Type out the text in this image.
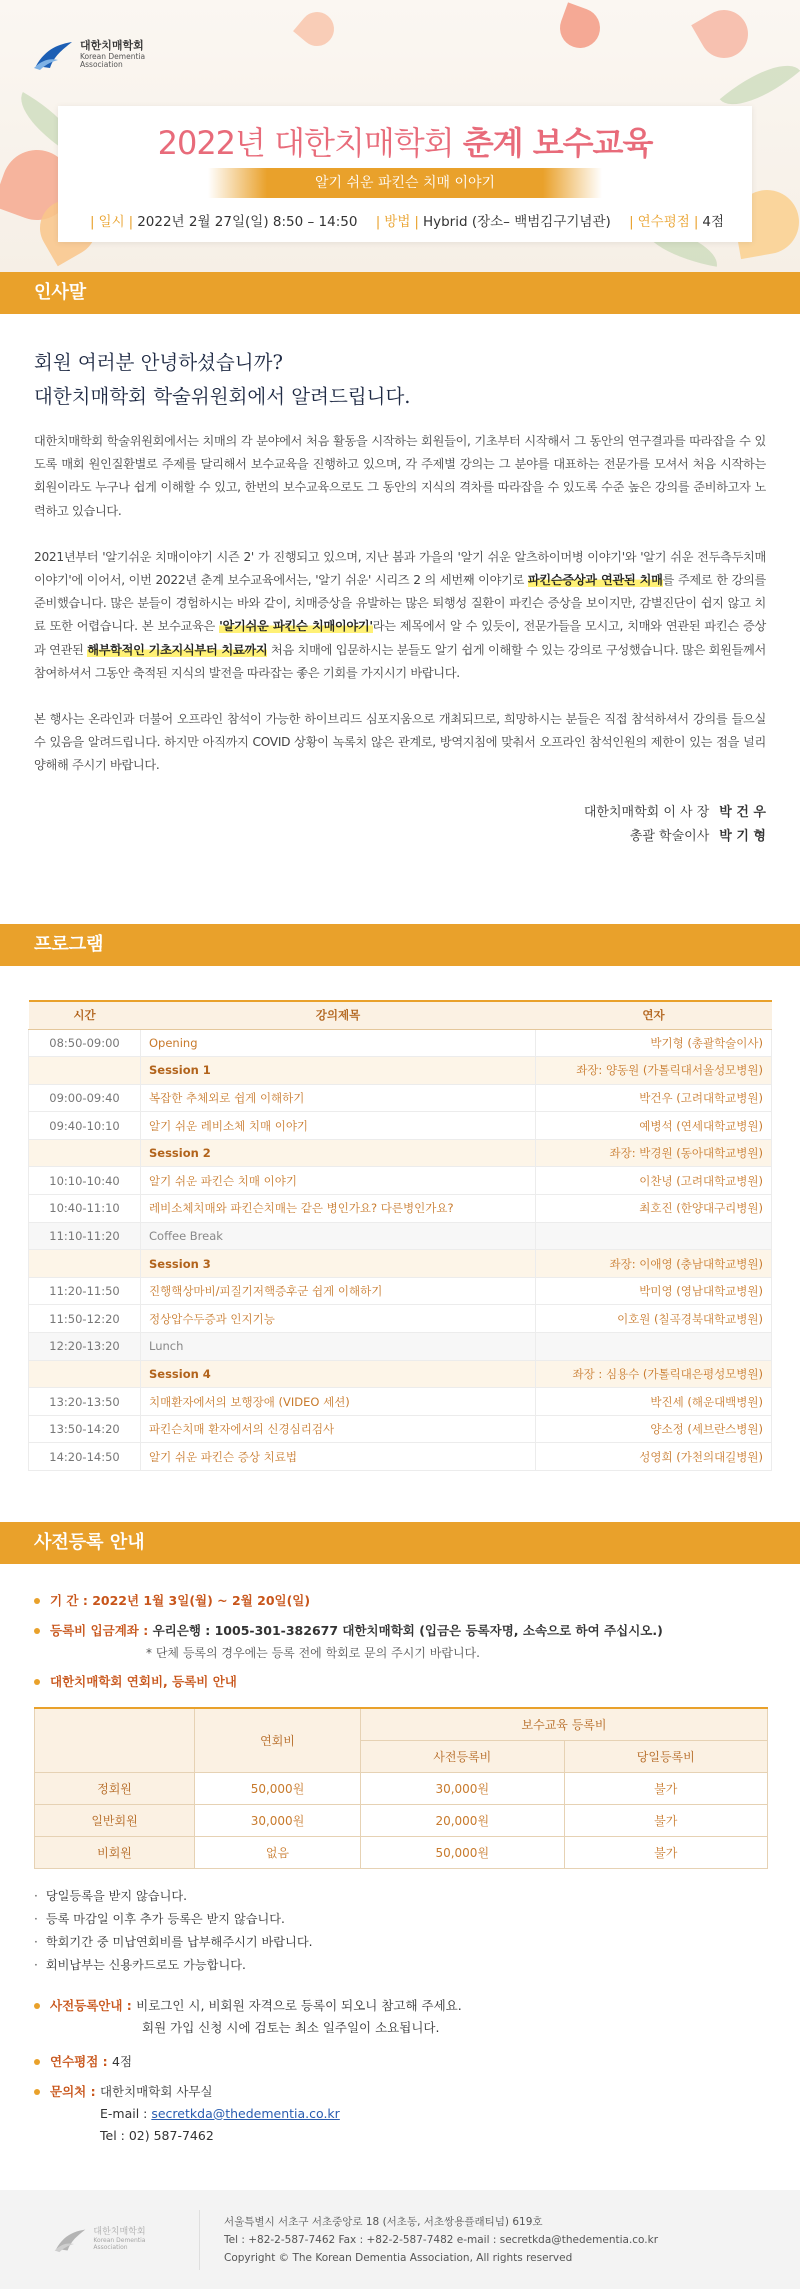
대한치매학회
Korean Dementia
Association
2022년 대한치매학회 춘계 보수교육
알기 쉬운 파킨슨 치매 이야기
| 일시 | 2022년 2월 27일(일) 8:50 – 14:50 | 방법 | Hybrid (장소– 백범김구기념관) | 연수평점 | 4점
인사말
회원 여러분 안녕하셨습니까?
대한치매학회 학술위원회에서 알려드립니다.

대한치매학회 학술위원회에서는 치매의 각 분야에서 처음 활동을 시작하는 회원들이, 기초부터 시작해서 그 동안의 연구결과를 따라잡을 수 있도록 매회 원인질환별로 주제를 달리해서 보수교육을 진행하고 있으며, 각 주제별 강의는 그 분야를 대표하는 전문가를 모셔서 처음 시작하는 회원이라도 누구나 쉽게 이해할 수 있고, 한번의 보수교육으로도 그 동안의 지식의 격차를 따라잡을 수 있도록 수준 높은 강의를 준비하고자 노력하고 있습니다.

2021년부터 '알기쉬운 치매이야기 시즌 2' 가 진행되고 있으며, 지난 봄과 가을의 '알기 쉬운 알츠하이머병 이야기'와 '알기 쉬운 전두측두치매 이야기'에 이어서, 이번 2022년 춘계 보수교육에서는, '알기 쉬운' 시리즈 2 의 세번째 이야기로 파킨슨증상과 연관된 치매를 주제로 한 강의를 준비했습니다. 많은 분들이 경험하시는 바와 같이, 치매증상을 유발하는 많은 퇴행성 질환이 파킨슨 증상을 보이지만, 감별진단이 쉽지 않고 치료 또한 어렵습니다. 본 보수교육은 '알기쉬운 파킨슨 치매이야기'라는 제목에서 알 수 있듯이, 전문가들을 모시고, 치매와 연관된 파킨슨 증상과 연관된 해부학적인 기초지식부터 치료까지 처음 치매에 입문하시는 분들도 알기 쉽게 이해할 수 있는 강의로 구성했습니다. 많은 회원들께서 참여하셔서 그동안 축적된 지식의 발전을 따라잡는 좋은 기회를 가지시기 바랍니다.

본 행사는 온라인과 더불어 오프라인 참석이 가능한 하이브리드 심포지움으로 개최되므로, 희망하시는 분들은 직접 참석하셔서 강의를 들으실 수 있음을 알려드립니다. 하지만 아직까지 COVID 상황이 녹록치 않은 관계로, 방역지침에 맞춰서 오프라인 참석인원의 제한이 있는 점을 널리 양해해 주시기 바랍니다.

대한치매학회 이 사 장 박 건 우
총괄 학술이사 박 기 형
프로그램
시간	강의제목	연자
08:50-09:00	Opening	박기형 (총괄학술이사)
	Session 1	좌장: 양동원 (가톨릭대서울성모병원)
09:00-09:40	복잡한 추체외로 쉽게 이해하기	박건우 (고려대학교병원)
09:40-10:10	알기 쉬운 레비소체 치매 이야기	예병석 (연세대학교병원)
	Session 2	좌장: 박경원 (동아대학교병원)
10:10-10:40	알기 쉬운 파킨슨 치매 이야기	이찬녕 (고려대학교병원)
10:40-11:10	레비소체치매와 파킨슨치매는 같은 병인가요? 다른병인가요?	최호진 (한양대구리병원)
11:10-11:20	Coffee Break	
	Session 3	좌장: 이애영 (충남대학교병원)
11:20-11:50	진행핵상마비/피질기저핵증후군 쉽게 이해하기	박미영 (영남대학교병원)
11:50-12:20	정상압수두증과 인지기능	이호원 (칠곡경북대학교병원)
12:20-13:20	Lunch	
	Session 4	좌장 : 심용수 (가톨릭대은평성모병원)
13:20-13:50	치매환자에서의 보행장애 (VIDEO 세션)	박진세 (해운대백병원)
13:50-14:20	파킨슨치매 환자에서의 신경심리검사	양소정 (세브란스병원)
14:20-14:50	알기 쉬운 파킨슨 증상 치료법	성영희 (가천의대길병원)
사전등록 안내
기 간 : 2022년 1월 3일(월) ~ 2월 20일(일)
등록비 입금계좌 : 우리은행 : 1005-301-382677 대한치매학회 (입금은 등록자명, 소속으로 하여 주십시오.)
* 단체 등록의 경우에는 등록 전에 학회로 문의 주시기 바랍니다.
대한치매학회 연회비, 등록비 안내
	연회비	보수교육 등록비	
		사전등록비	당일등록비
정회원	50,000원	30,000원	불가
일반회원	30,000원	20,000원	불가
비회원	없음	50,000원	불가
· 당일등록을 받지 않습니다.
· 등록 마감일 이후 추가 등록은 받지 않습니다.
· 학회기간 중 미납연회비를 납부해주시기 바랍니다.
· 회비납부는 신용카드로도 가능합니다.
사전등록안내 : 비로그인 시, 비회원 자격으로 등록이 되오니 참고해 주세요.
회원 가입 신청 시에 검토는 최소 일주일이 소요됩니다.
연수평점 : 4점
문의처 : 대한치매학회 사무실
E-mail : secretkda@thedementia.co.kr
Tel : 02) 587-7462
대한치매학회
Korean Dementia
Association
서울특별시 서초구 서초중앙로 18 (서초동, 서초쌍용플래티넘) 619호
Tel : +82-2-587-7462 Fax : +82-2-587-7482 e-mail : secretkda@thedementia.co.kr
Copyright © The Korean Dementia Association, All rights reserved
